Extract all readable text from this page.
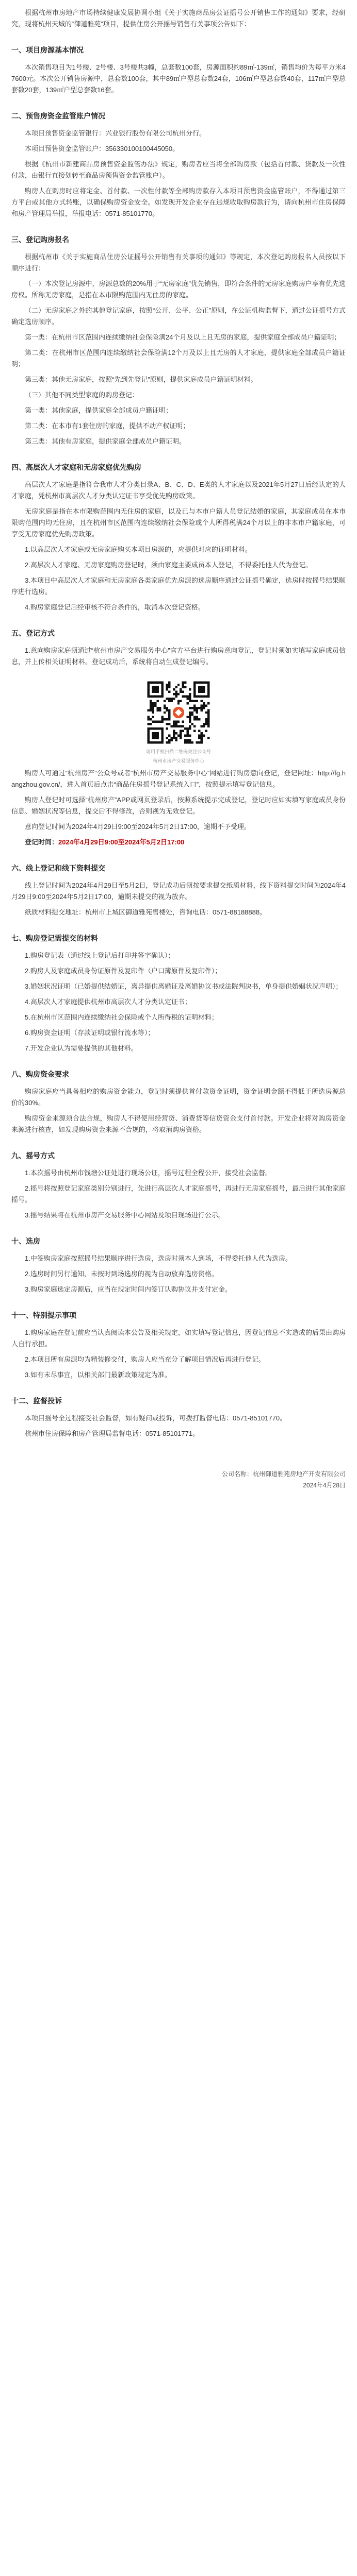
根据杭州市房地产市场持续健康发展协调小组《关于实施商品房公证摇号公开销售工作的通知》要求，经研究，现将杭州天城的“御道雅苑”项目，提供住房公开摇号销售有关事项公告如下：

一、项目房源基本情况

本次销售项目为1号楼、2号楼、3号楼共3幢，总套数100套，房源面积约89㎡-139㎡，销售均价为每平方米47600元。本次公开销售房源中，总套数100套，其中89㎡户型总套数24套，106㎡户型总套数40套，117㎡户型总套数20套，139㎡户型总套数16套。

二、预售房资金监管账户情况

本项目预售资金监管银行：兴业银行股份有限公司杭州分行。

本项目预售资金监管账户：356330100100445050。

根据《杭州市新建商品房预售资金监管办法》规定，购房者应当将全部购房款（包括首付款、贷款及一次性付款，由银行直接划转至商品房预售资金监管账户）。

购房人在购房时应将定金、首付款、一次性付款等全部购房款存入本项目预售资金监管账户，不得通过第三方平台或其他方式转账，以确保购房资金安全。如发现开发企业存在违规收取购房款行为，请向杭州市住房保障和房产管理局举报，举报电话：0571-85101770。

三、登记购房报名

根据杭州市《关于实施商品住房公证摇号公开销售有关事项的通知》等规定，本次登记购房报名人员按以下顺序进行：

（一）本次登记房源中，房源总数的20%用于“无房家庭”优先销售，即符合条件的无房家庭购房户享有优先选房权。所称无房家庭，是指在本市限购范围内无住房的家庭。

（二）无房家庭之外的其他登记家庭，按照“公开、公平、公正”原则，在公证机构监督下，通过公证摇号方式确定选房顺序。

第一类：在杭州市区范围内连续缴纳社会保险满24个月及以上且无房的家庭，提供家庭全部成员户籍证明；

第二类：在杭州市区范围内连续缴纳社会保险满12个月及以上且无房的人才家庭，提供家庭全部成员户籍证明；

第三类：其他无房家庭，按照“先到先登记”原则，提供家庭成员户籍证明材料。

（三）其他不同类型家庭的购房登记：

第一类：其他家庭，提供家庭全部成员户籍证明；

第二类：在本市有1套住房的家庭，提供不动产权证明；

第三类：其他有房家庭，提供家庭全部成员户籍证明。

四、高层次人才家庭和无房家庭优先购房

高层次人才家庭是指符合我市人才分类目录A、B、C、D、E类的人才家庭以及2021年5月27日后经认定的人才家庭，凭杭州市高层次人才分类认定证书享受优先购房政策。

无房家庭是指在本市限购范围内无住房的家庭，以及已与本市户籍人员登记结婚的家庭，其家庭成员在本市限购范围内均无住房，且在杭州市区范围内连续缴纳社会保险或个人所得税满24个月以上的非本市户籍家庭，可享受无房家庭优先购房政策。

1.以高层次人才家庭或无房家庭购买本项目房源的，应提供对应的证明材料。

2.高层次人才家庭、无房家庭购房登记时，须由家庭主要成员本人登记，不得委托他人代为登记。

3.本项目中高层次人才家庭和无房家庭各类家庭优先房源的选房顺序通过公证摇号确定，选房时按摇号结果顺序进行选房。

4.购房家庭登记后经审核不符合条件的，取消本次登记资格。

五、登记方式

1.意向购房家庭须通过“杭州市房产交易服务中心”官方平台进行购房意向登记，登记时须如实填写家庭成员信息，并上传相关证明材料。登记成功后，系统将自动生成登记编号。

请用手机扫描二维码关注公众号
杭州市房产交易服务中心

购房人可通过“杭州房产”公众号或者“杭州市房产交易服务中心”网站进行购房意向登记，登记网址：http://fg.hangzhou.gov.cn/，进入首页后点击“商品住房摇号登记系统入口”，按照提示填写登记信息。

购房人登记时可选择“杭州房产”APP或网页登录后，按照系统提示完成登记，登记时应如实填写家庭成员身份信息、婚姻状况等信息，提交后不得修改，否则视为无效登记。

意向登记时间为2024年4月29日9:00至2024年5月2日17:00，逾期不予受理。

登记时间：2024年4月29日9:00至2024年5月2日17:00

六、线上登记和线下资料提交

线上登记时间为2024年4月29日至5月2日，登记成功后须按要求提交纸质材料，线下资料提交时间为2024年4月29日9:00至2024年5月2日17:00，逾期未提交的视为放弃。

纸质材料提交地址：杭州市上城区御道雅苑售楼处，咨询电话：0571-88188888。

七、购房登记需提交的材料

1.购房登记表（通过线上登记后打印并签字确认）；

2.购房人及家庭成员身份证原件及复印件（户口簿原件及复印件）；

3.婚姻状况证明（已婚提供结婚证，离异提供离婚证及离婚协议书或法院判决书，单身提供婚姻状况声明）；

4.高层次人才家庭提供杭州市高层次人才分类认定证书；

5.在杭州市区范围内连续缴纳社会保险或个人所得税的证明材料；

6.购房资金证明（存款证明或银行流水等）；

7.开发企业认为需要提供的其他材料。

八、购房资金要求

购房家庭应当具备相应的购房资金能力，登记时须提供首付款资金证明，资金证明金额不得低于所选房源总价的30%。

购房资金来源须合法合规，购房人不得使用经营贷、消费贷等信贷资金支付首付款。开发企业将对购房资金来源进行核查，如发现购房资金来源不合规的，将取消购房资格。

九、摇号方式

1.本次摇号由杭州市钱塘公证处进行现场公证，摇号过程全程公开，接受社会监督。

2.摇号将按照登记家庭类别分别进行，先进行高层次人才家庭摇号，再进行无房家庭摇号，最后进行其他家庭摇号。

3.摇号结果将在杭州市房产交易服务中心网站及项目现场进行公示。

十、选房

1.中签购房家庭按照摇号结果顺序进行选房，选房时须本人到场，不得委托他人代为选房。

2.选房时间另行通知，未按时到场选房的视为自动放弃选房资格。

3.购房家庭选定房源后，应当在规定时间内签订认购协议并支付定金。

十一、特别提示事项

1.购房家庭在登记前应当认真阅读本公告及相关规定，如实填写登记信息，因登记信息不实造成的后果由购房人自行承担。

2.本项目所有房源均为精装修交付，购房人应当充分了解项目情况后再进行登记。

3.如有未尽事宜，以相关部门最新政策规定为准。

十二、监督投诉

本项目摇号全过程接受社会监督，如有疑问或投诉，可拨打监督电话：0571-85101770。

杭州市住房保障和房产管理局监督电话：0571-85101771。

公司名称：杭州御道雅苑房地产开发有限公司
2024年4月28日
